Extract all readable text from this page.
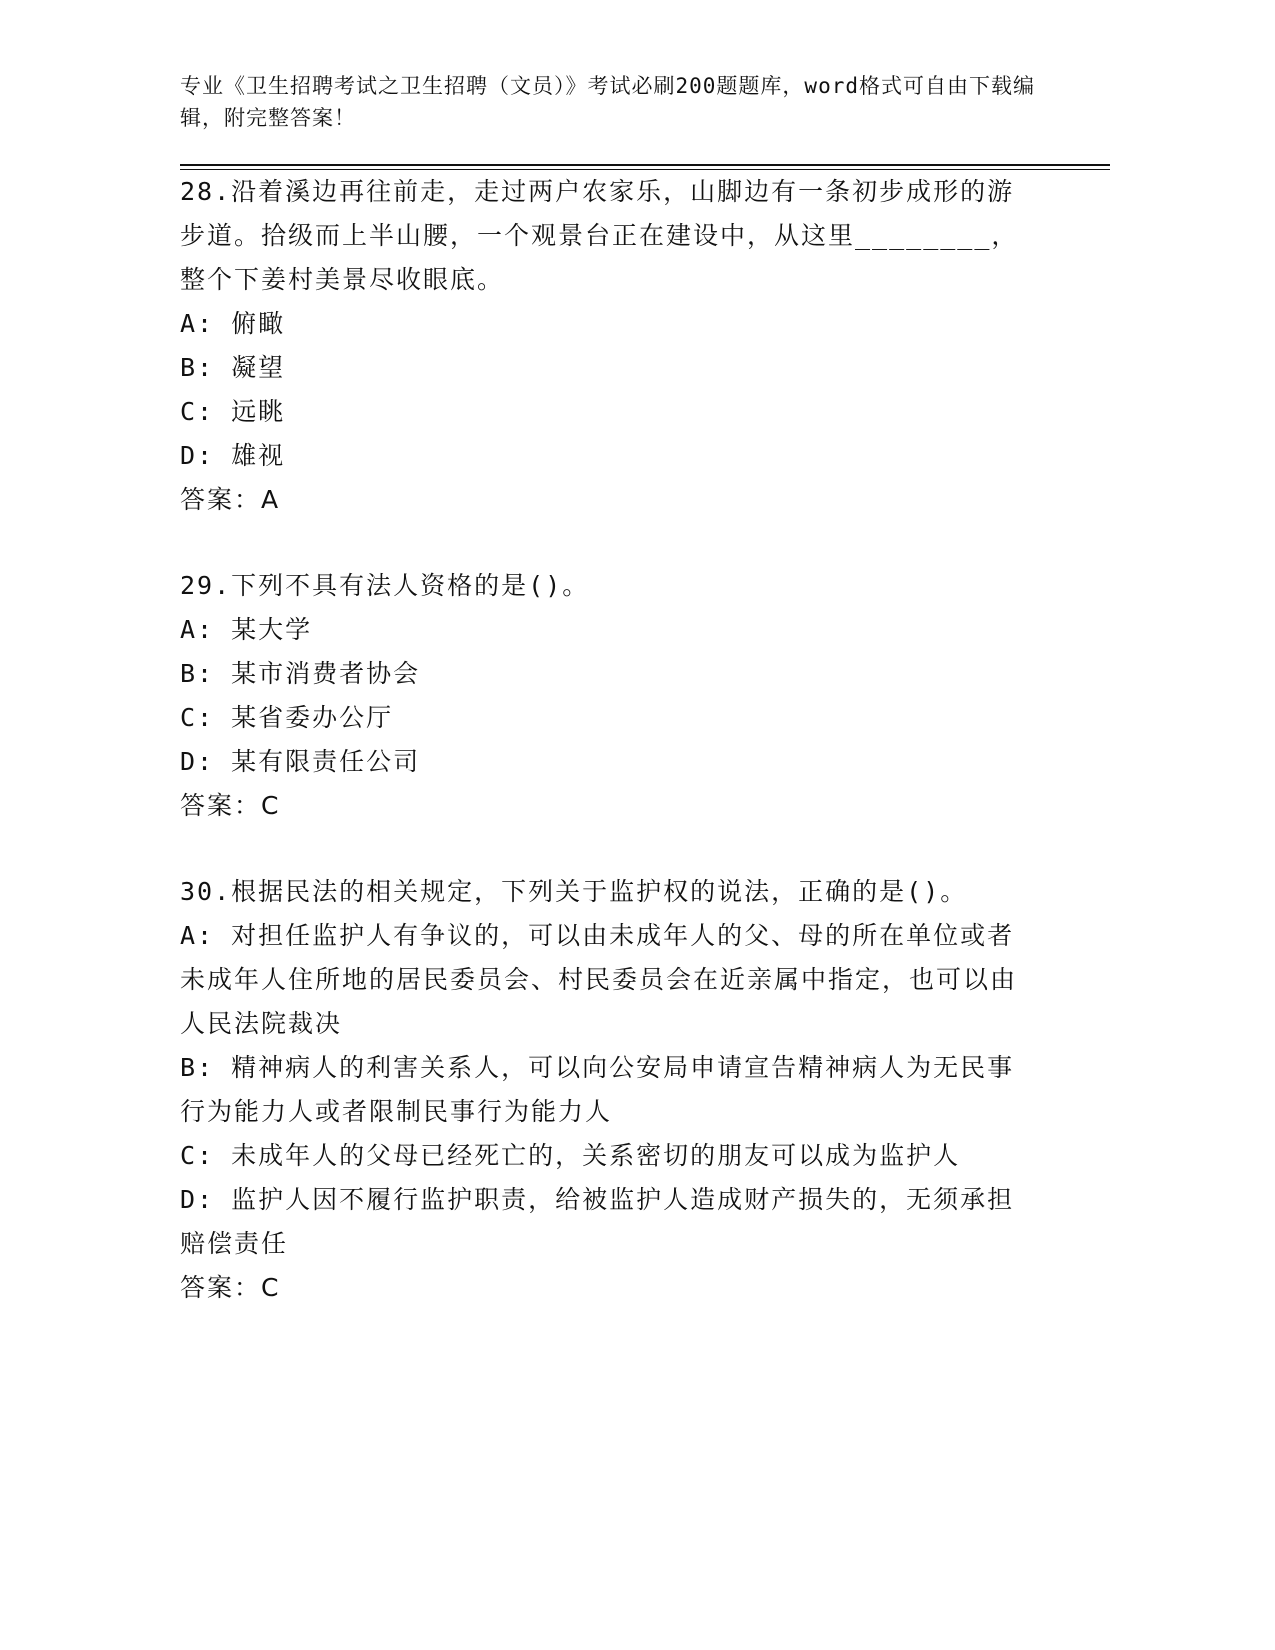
专业《卫生招聘考试之卫生招聘（文员）》考试必刷200题题库，word格式可自由下载编辑，附完整答案！
28.沿着溪边再往前走，走过两户农家乐，山脚边有一条初步成形的游步道。拾级而上半山腰，一个观景台正在建设中，从这里________，整个下姜村美景尽收眼底。
A: 俯瞰
B: 凝望
C: 远眺
D: 雄视
答案：A
29.下列不具有法人资格的是()。
A: 某大学
B: 某市消费者协会
C: 某省委办公厅
D: 某有限责任公司
答案：C
30.根据民法的相关规定，下列关于监护权的说法，正确的是()。
A: 对担任监护人有争议的，可以由未成年人的父、母的所在单位或者未成年人住所地的居民委员会、村民委员会在近亲属中指定，也可以由人民法院裁决
B: 精神病人的利害关系人，可以向公安局申请宣告精神病人为无民事行为能力人或者限制民事行为能力人
C: 未成年人的父母已经死亡的，关系密切的朋友可以成为监护人
D: 监护人因不履行监护职责，给被监护人造成财产损失的，无须承担赔偿责任
答案：C
